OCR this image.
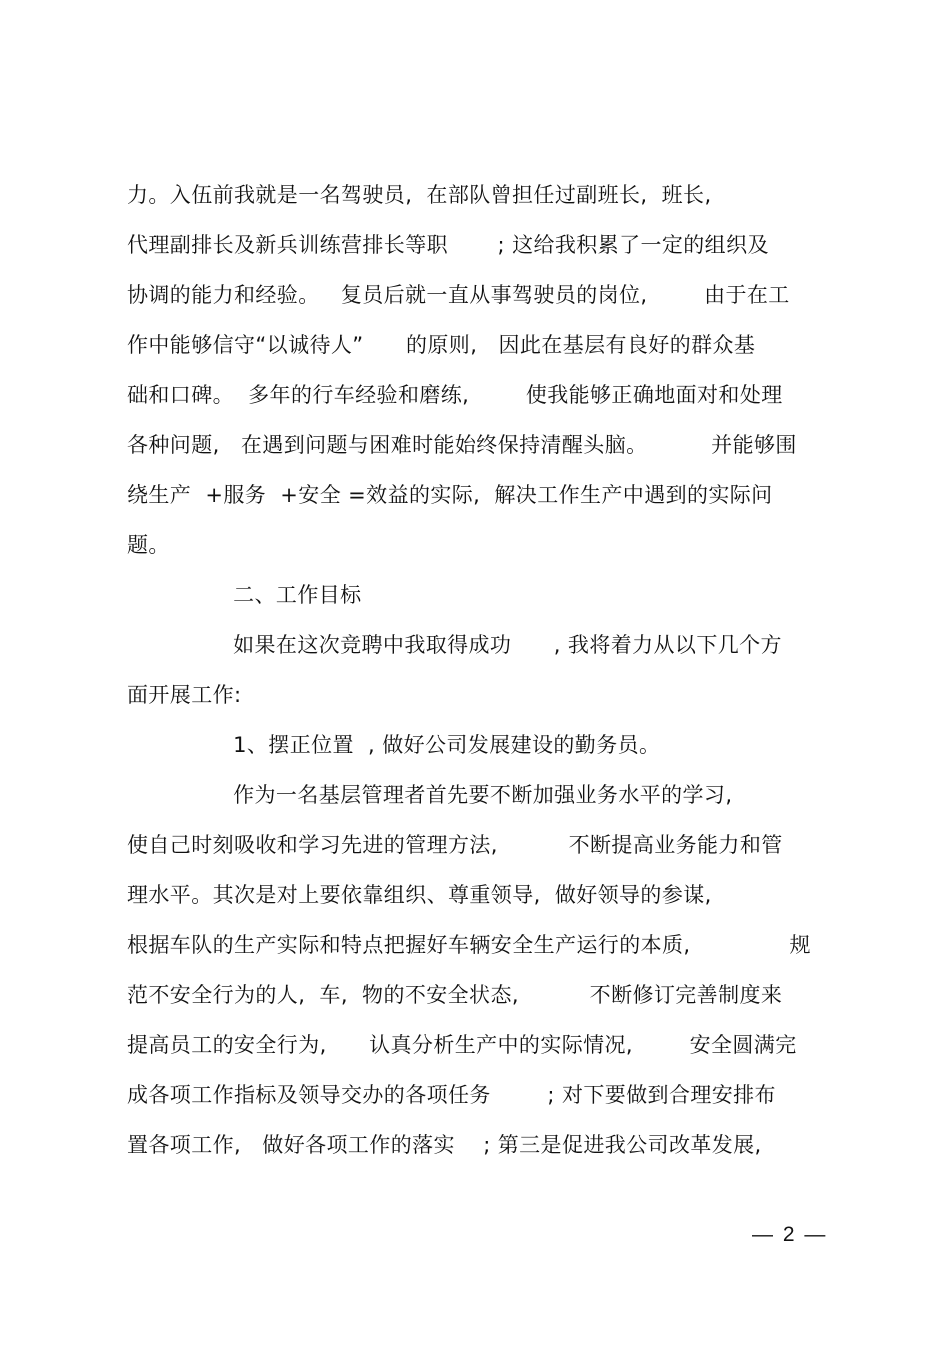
力。入伍前我就是一名驾驶员,  在部队曾担任过副班长,  班长,
代理副排长及新兵训练营排长等职       ; 这给我积累了一定的组织及
协调的能力和经验。   复员后就一直从事驾驶员的岗位,        由于在工
作中能够信守“以诚待人”      的原则,   因此在基层有良好的群众基
础和口碑。  多年的行车经验和磨练,        使我能够正确地面对和处理
各种问题,   在遇到问题与困难时能始终保持清醒头脑。         并能够围
绕生产  +服务  +安全 =效益的实际,  解决工作生产中遇到的实际问
题。
二、工作目标
如果在这次竞聘中我取得成功      , 我将着力从以下几个方
面开展工作:
1、摆正位置  , 做好公司发展建设的勤务员。
作为一名基层管理者首先要不断加强业务水平的学习,
使自己时刻吸收和学习先进的管理方法,          不断提高业务能力和管
理水平。其次是对上要依靠组织、尊重领导,  做好领导的参谋,
根据车队的生产实际和特点把握好车辆安全生产运行的本质,              规
范不安全行为的人,  车,  物的不安全状态,          不断修订完善制度来
提高员工的安全行为,      认真分析生产中的实际情况,        安全圆满完
成各项工作指标及领导交办的各项任务        ; 对下要做到合理安排布
置各项工作,   做好各项工作的落实    ; 第三是促进我公司改革发展,
— 2 —
